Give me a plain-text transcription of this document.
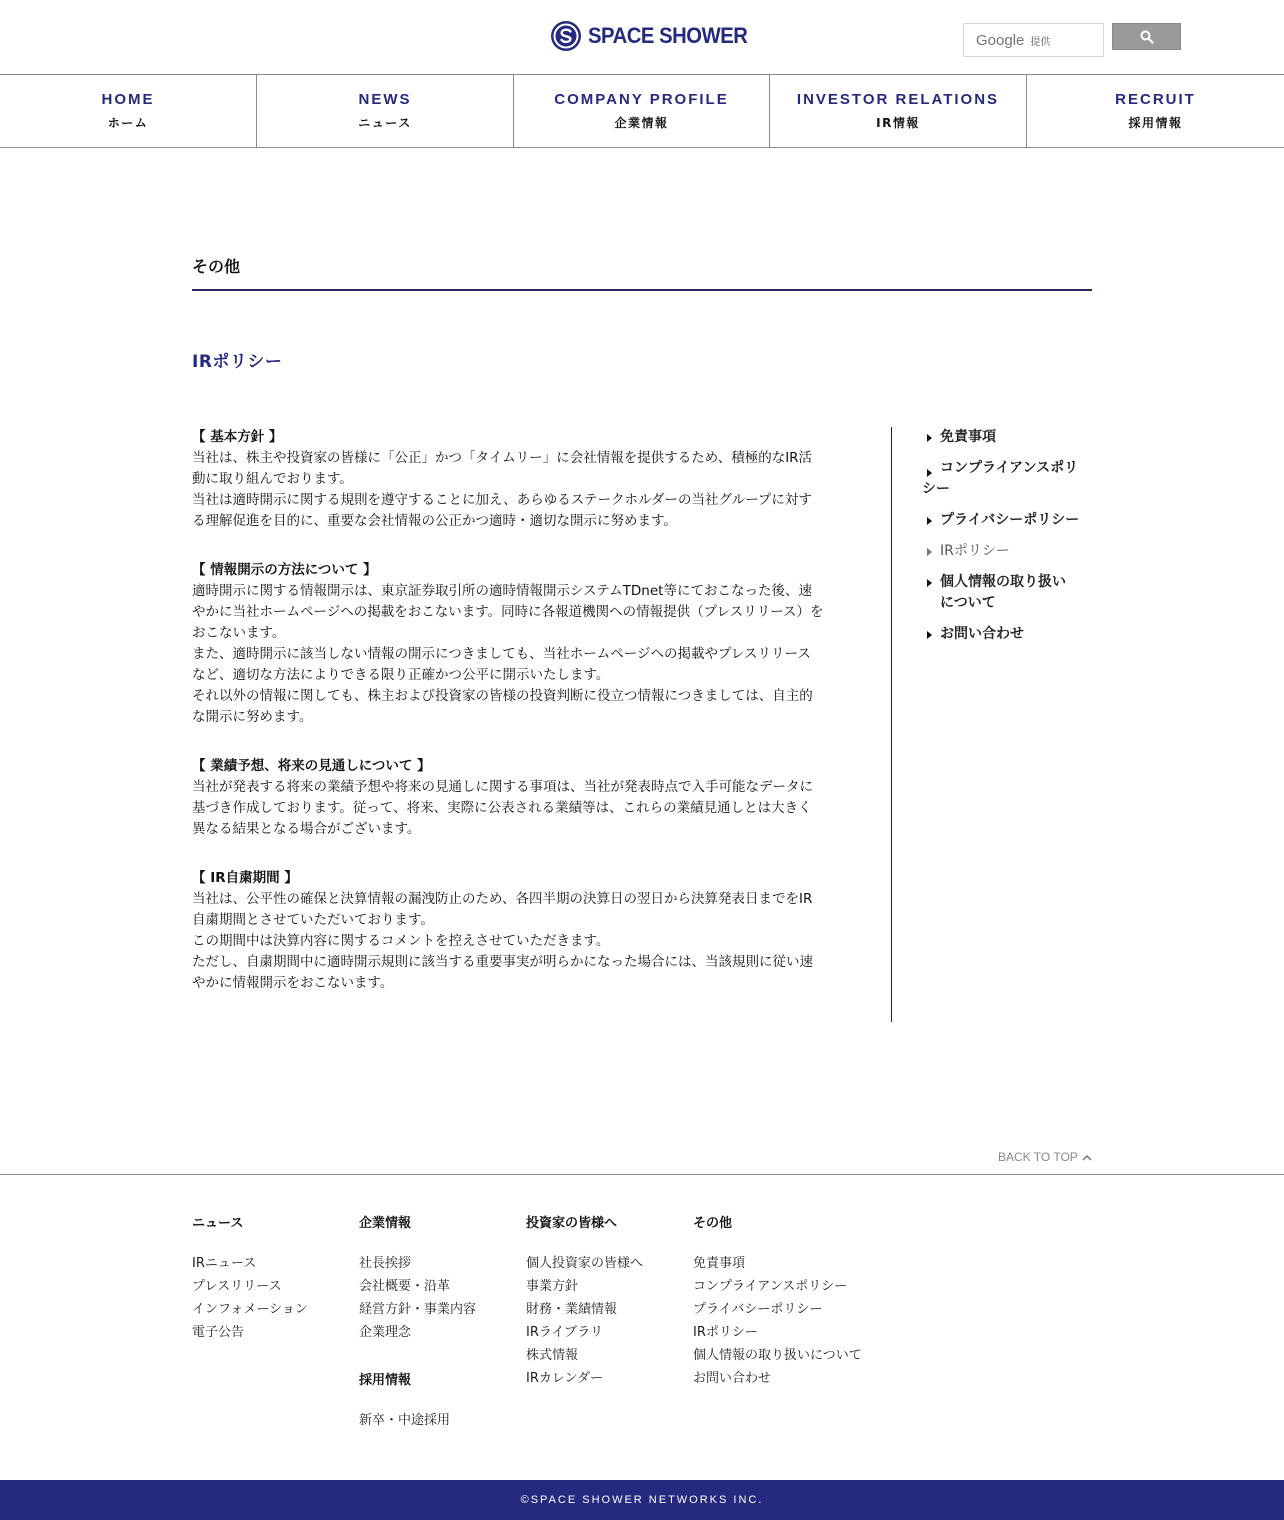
SPACE SHOWER	Google 提供
HOME
ホーム
NEWS
ニュース
COMPANY PROFILE
企業情報
INVESTOR RELATIONS
IR情報
RECRUIT
採用情報
その他
IRポリシー
【 基本方針 】

当社は、株主や投資家の皆様に「公正」かつ「タイムリー」に会社情報を提供するため、積極的なIR活動に取り組んでおります。

当社は適時開示に関する規則を遵守することに加え、あらゆるステークホルダーの当社グループに対する理解促進を目的に、重要な会社情報の公正かつ適時・適切な開示に努めます。

【 情報開示の方法について 】

適時開示に関する情報開示は、東京証券取引所の適時情報開示システムTDnet等にておこなった後、速やかに当社ホームページへの掲載をおこないます。同時に各報道機関への情報提供（プレスリリース）をおこないます。

また、適時開示に該当しない情報の開示につきましても、当社ホームページへの掲載やプレスリリースなど、適切な方法によりできる限り正確かつ公平に開示いたします。

それ以外の情報に関しても、株主および投資家の皆様の投資判断に役立つ情報につきましては、自主的な開示に努めます。

【 業績予想、将来の見通しについて 】

当社が発表する将来の業績予想や将来の見通しに関する事項は、当社が発表時点で入手可能なデータに基づき作成しております。従って、将来、実際に公表される業績等は、これらの業績見通しとは大きく異なる結果となる場合がございます。

【 IR自粛期間 】

当社は、公平性の確保と決算情報の漏洩防止のため、各四半期の決算日の翌日から決算発表日までをIR自粛期間とさせていただいております。

この期間中は決算内容に関するコメントを控えさせていただきます。

ただし、自粛期間中に適時開示規則に該当する重要事実が明らかになった場合には、当該規則に従い速やかに情報開示をおこないます。

免責事項
コンプライアンスポリシー
プライバシーポリシー
IRポリシー
個人情報の取り扱いについて
お問い合わせ
BACK TO TOP
ニュース
IRニュース
プレスリリース
インフォメーション
電子公告
企業情報
社長挨拶
会社概要・沿革
経営方針・事業内容
企業理念
採用情報
新卒・中途採用
投資家の皆様へ
個人投資家の皆様へ
事業方針
財務・業績情報
IRライブラリ
株式情報
IRカレンダー
その他
免責事項
コンプライアンスポリシー
プライバシーポリシー
IRポリシー
個人情報の取り扱いについて
お問い合わせ
©SPACE SHOWER NETWORKS INC.
